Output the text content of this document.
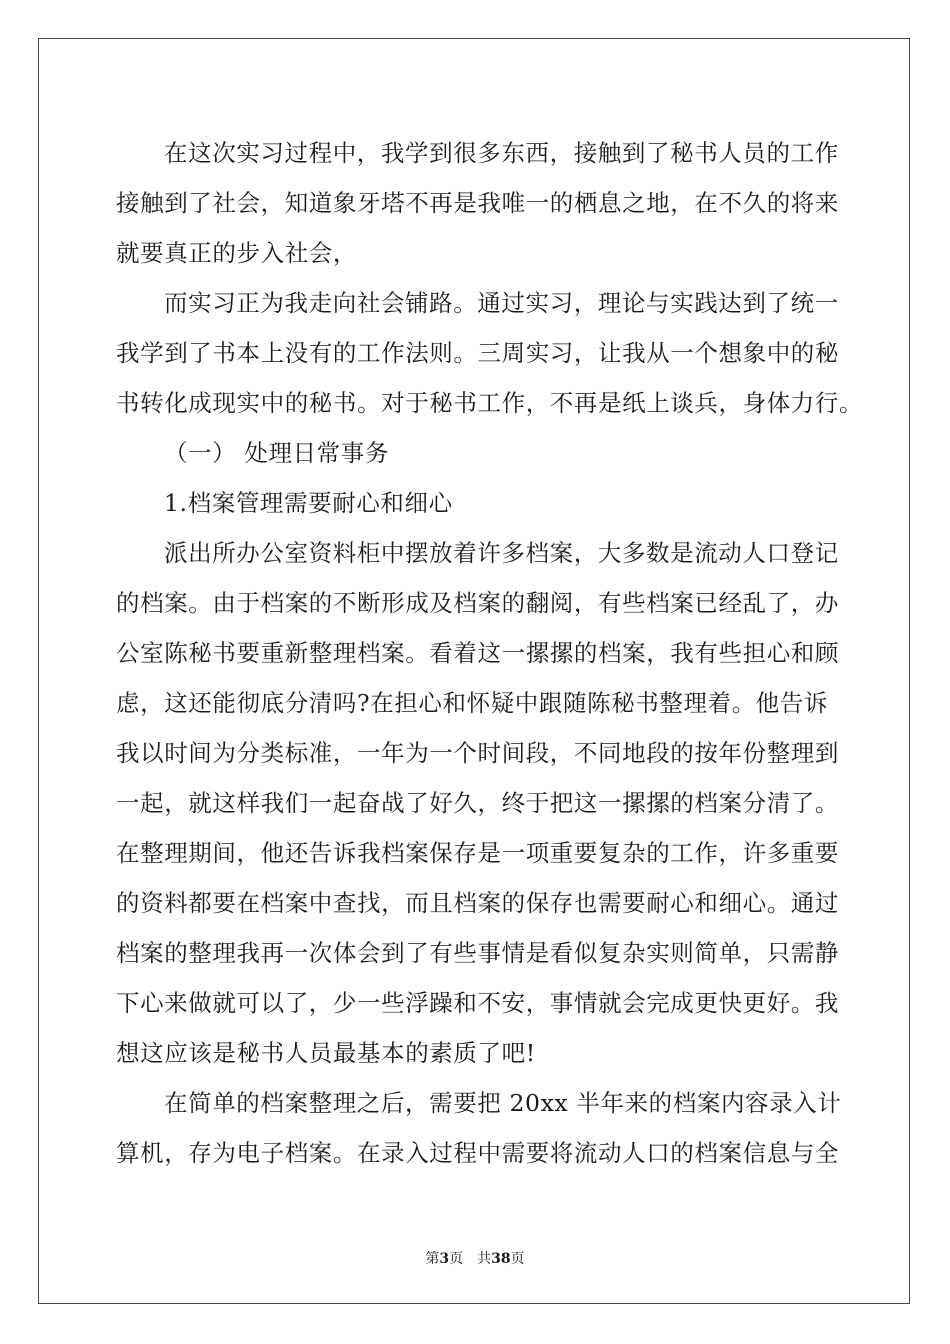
在这次实习过程中，我学到很多东西，接触到了秘书人员的工作
接触到了社会，知道象牙塔不再是我唯一的栖息之地，在不久的将来
就要真正的步入社会，
而实习正为我走向社会铺路。通过实习，理论与实践达到了统一
我学到了书本上没有的工作法则。三周实习，让我从一个想象中的秘
书转化成现实中的秘书。对于秘书工作，不再是纸上谈兵，身体力行。
（一） 处理日常事务
1.档案管理需要耐心和细心
派出所办公室资料柜中摆放着许多档案，大多数是流动人口登记
的档案。由于档案的不断形成及档案的翻阅，有些档案已经乱了，办
公室陈秘书要重新整理档案。看着这一摞摞的档案，我有些担心和顾
虑，这还能彻底分清吗?在担心和怀疑中跟随陈秘书整理着。他告诉
我以时间为分类标准，一年为一个时间段，不同地段的按年份整理到
一起，就这样我们一起奋战了好久，终于把这一摞摞的档案分清了。
在整理期间，他还告诉我档案保存是一项重要复杂的工作，许多重要
的资料都要在档案中查找，而且档案的保存也需要耐心和细心。通过
档案的整理我再一次体会到了有些事情是看似复杂实则简单，只需静
下心来做就可以了，少一些浮躁和不安，事情就会完成更快更好。我
想这应该是秘书人员最基本的素质了吧!
在简单的档案整理之后，需要把 20xx 半年来的档案内容录入计
算机，存为电子档案。在录入过程中需要将流动人口的档案信息与全
第3页 共38页
